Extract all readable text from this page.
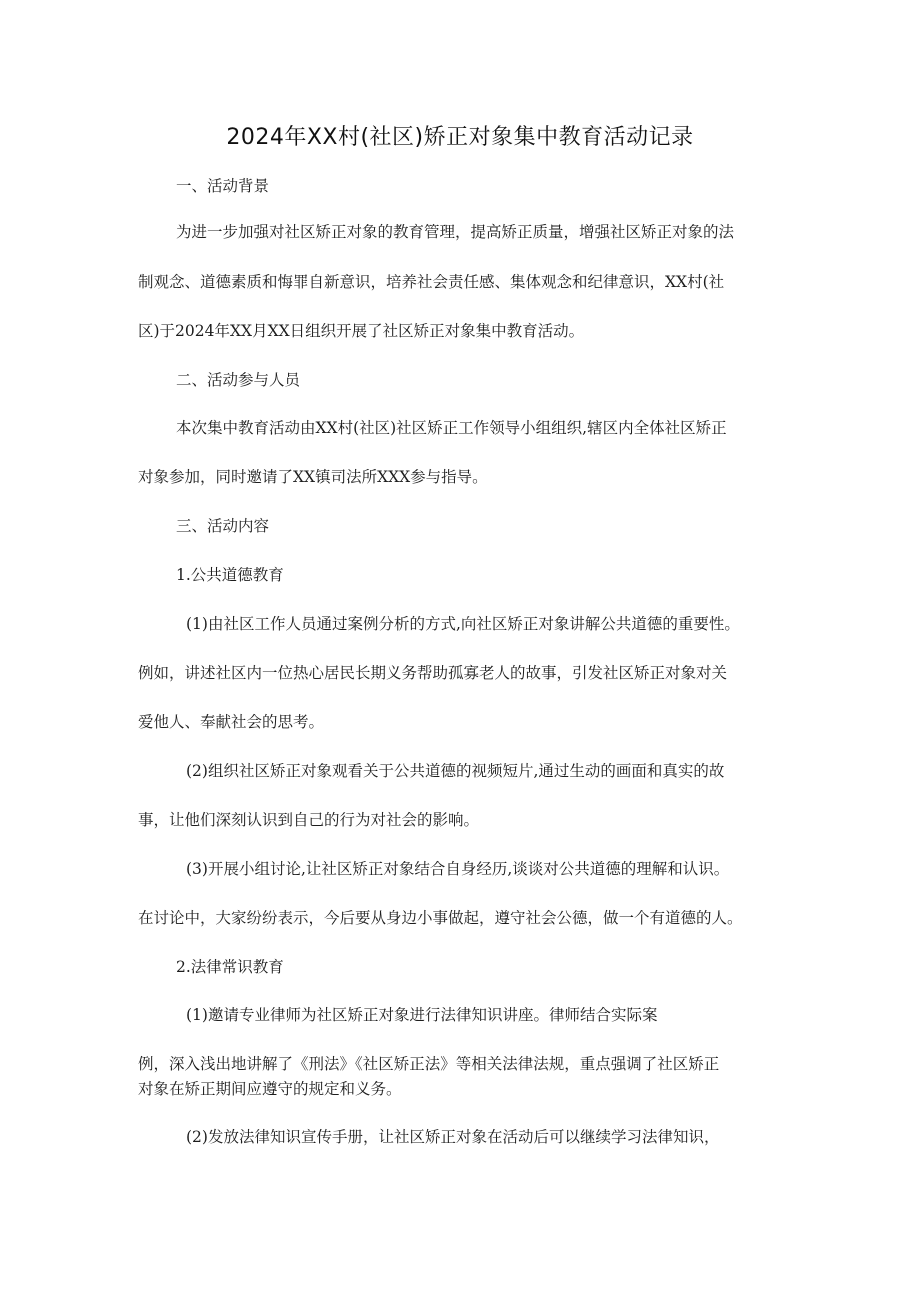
2024年XX村(社区)矫正对象集中教育活动记录
一、活动背景
为进一步加强对社区矫正对象的教育管理，提高矫正质量，增强社区矫正对象的法
制观念、道德素质和悔罪自新意识，培养社会责任感、集体观念和纪律意识，XX村(社
区)于2024年XX月XX日组织开展了社区矫正对象集中教育活动。
二、活动参与人员
本次集中教育活动由XX村(社区)社区矫正工作领导小组组织,辖区内全体社区矫正
对象参加，同时邀请了XX镇司法所XXX参与指导。
三、活动内容
1.公共道德教育
(1)由社区工作人员通过案例分析的方式,向社区矫正对象讲解公共道德的重要性。
例如，讲述社区内一位热心居民长期义务帮助孤寡老人的故事，引发社区矫正对象对关
爱他人、奉献社会的思考。
(2)组织社区矫正对象观看关于公共道德的视频短片,通过生动的画面和真实的故
事，让他们深刻认识到自己的行为对社会的影响。
(3)开展小组讨论,让社区矫正对象结合自身经历,谈谈对公共道德的理解和认识。
在讨论中，大家纷纷表示，今后要从身边小事做起，遵守社会公德，做一个有道德的人。
2.法律常识教育
(1)邀请专业律师为社区矫正对象进行法律知识讲座。律师结合实际案
例，深入浅出地讲解了《刑法》《社区矫正法》等相关法律法规，重点强调了社区矫正
对象在矫正期间应遵守的规定和义务。
(2)发放法律知识宣传手册，让社区矫正对象在活动后可以继续学习法律知识，
